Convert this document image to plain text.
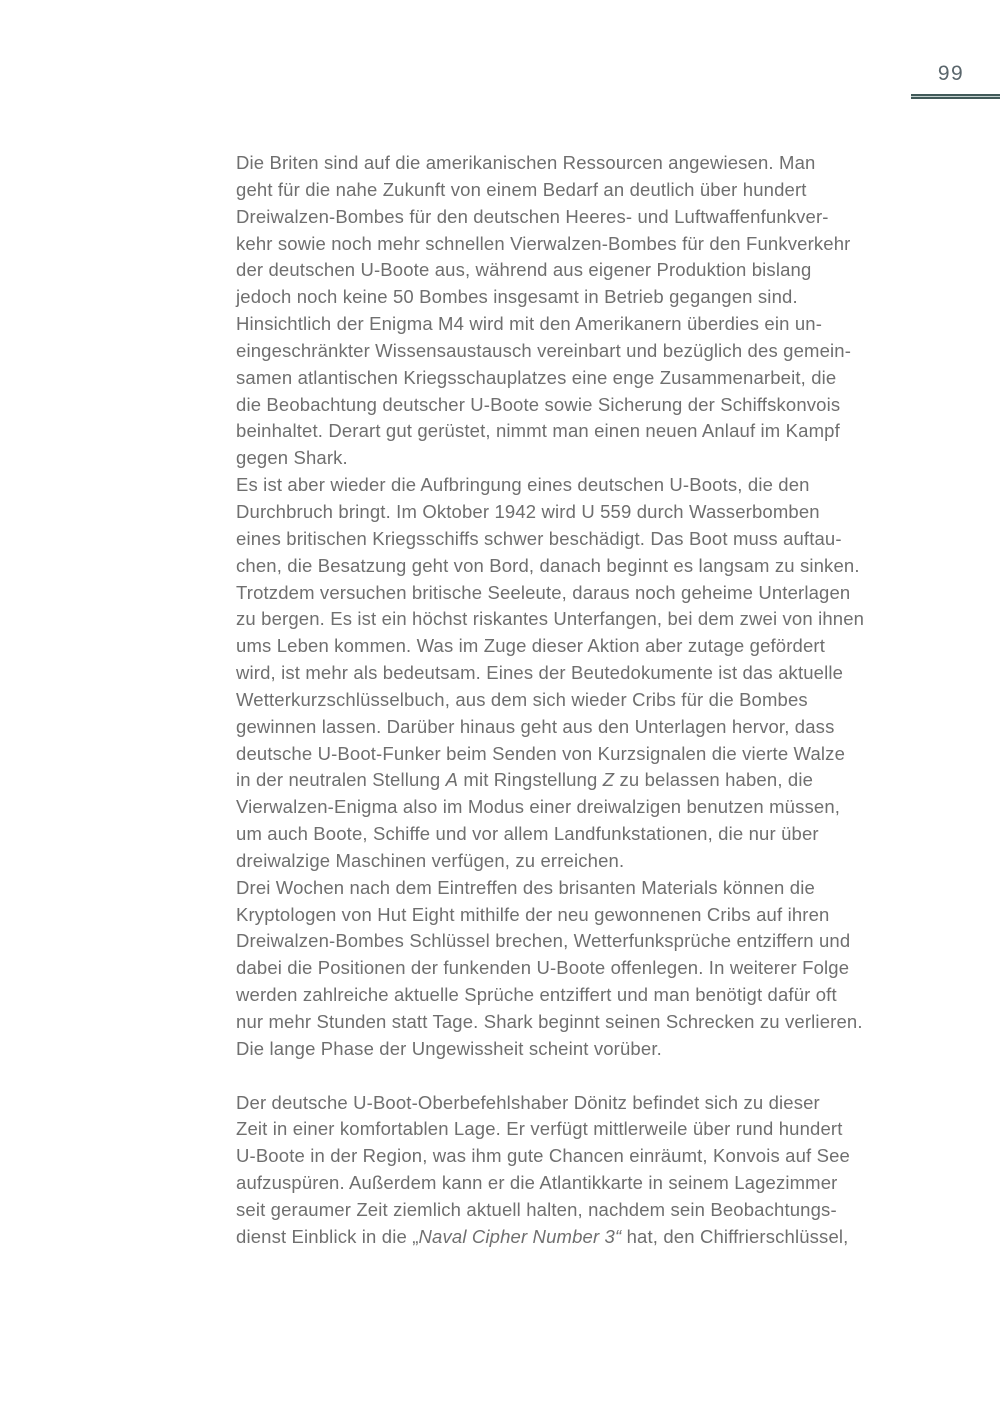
99
Die Briten sind auf die amerikanischen Ressourcen angewiesen. Man
geht für die nahe Zukunft von einem Bedarf an deutlich über hundert
Dreiwalzen-Bombes für den deutschen Heeres- und Luftwaffenfunkver-
kehr sowie noch mehr schnellen Vierwalzen-Bombes für den Funkverkehr
der deutschen U-Boote aus, während aus eigener Produktion bislang
jedoch noch keine 50 Bombes insgesamt in Betrieb gegangen sind.
Hinsichtlich der Enigma M4 wird mit den Amerikanern überdies ein un-
eingeschränkter Wissensaustausch vereinbart und bezüglich des gemein-
samen atlantischen Kriegsschauplatzes eine enge Zusammenarbeit, die
die Beobachtung deutscher U-Boote sowie Sicherung der Schiffskonvois
beinhaltet. Derart gut gerüstet, nimmt man einen neuen Anlauf im Kampf
gegen Shark.
Es ist aber wieder die Aufbringung eines deutschen U-Boots, die den
Durchbruch bringt. Im Oktober 1942 wird U 559 durch Wasserbomben
eines britischen Kriegsschiffs schwer beschädigt. Das Boot muss auftau-
chen, die Besatzung geht von Bord, danach beginnt es langsam zu sinken.
Trotzdem versuchen britische Seeleute, daraus noch geheime Unterlagen
zu bergen. Es ist ein höchst riskantes Unterfangen, bei dem zwei von ihnen
ums Leben kommen. Was im Zuge dieser Aktion aber zutage gefördert
wird, ist mehr als bedeutsam. Eines der Beutedokumente ist das aktuelle
Wetterkurzschlüsselbuch, aus dem sich wieder Cribs für die Bombes
gewinnen lassen. Darüber hinaus geht aus den Unterlagen hervor, dass
deutsche U-Boot-Funker beim Senden von Kurzsignalen die vierte Walze
in der neutralen Stellung A mit Ringstellung Z zu belassen haben, die
Vierwalzen-Enigma also im Modus einer dreiwalzigen benutzen müssen,
um auch Boote, Schiffe und vor allem Landfunkstationen, die nur über
dreiwalzige Maschinen verfügen, zu erreichen.
Drei Wochen nach dem Eintreffen des brisanten Materials können die
Kryptologen von Hut Eight mithilfe der neu gewonnenen Cribs auf ihren
Dreiwalzen-Bombes Schlüssel brechen, Wetterfunksprüche entziffern und
dabei die Positionen der funkenden U-Boote offenlegen. In weiterer Folge
werden zahlreiche aktuelle Sprüche entziffert und man benötigt dafür oft
nur mehr Stunden statt Tage. Shark beginnt seinen Schrecken zu verlieren.
Die lange Phase der Ungewissheit scheint vorüber.
Der deutsche U-Boot-Oberbefehlshaber Dönitz befindet sich zu dieser
Zeit in einer komfortablen Lage. Er verfügt mittlerweile über rund hundert
U-Boote in der Region, was ihm gute Chancen einräumt, Konvois auf See
aufzuspüren. Außerdem kann er die Atlantikkarte in seinem Lagezimmer
seit geraumer Zeit ziemlich aktuell halten, nachdem sein Beobachtungs-
dienst Einblick in die „Naval Cipher Number 3“ hat, den Chiffrierschlüssel,
